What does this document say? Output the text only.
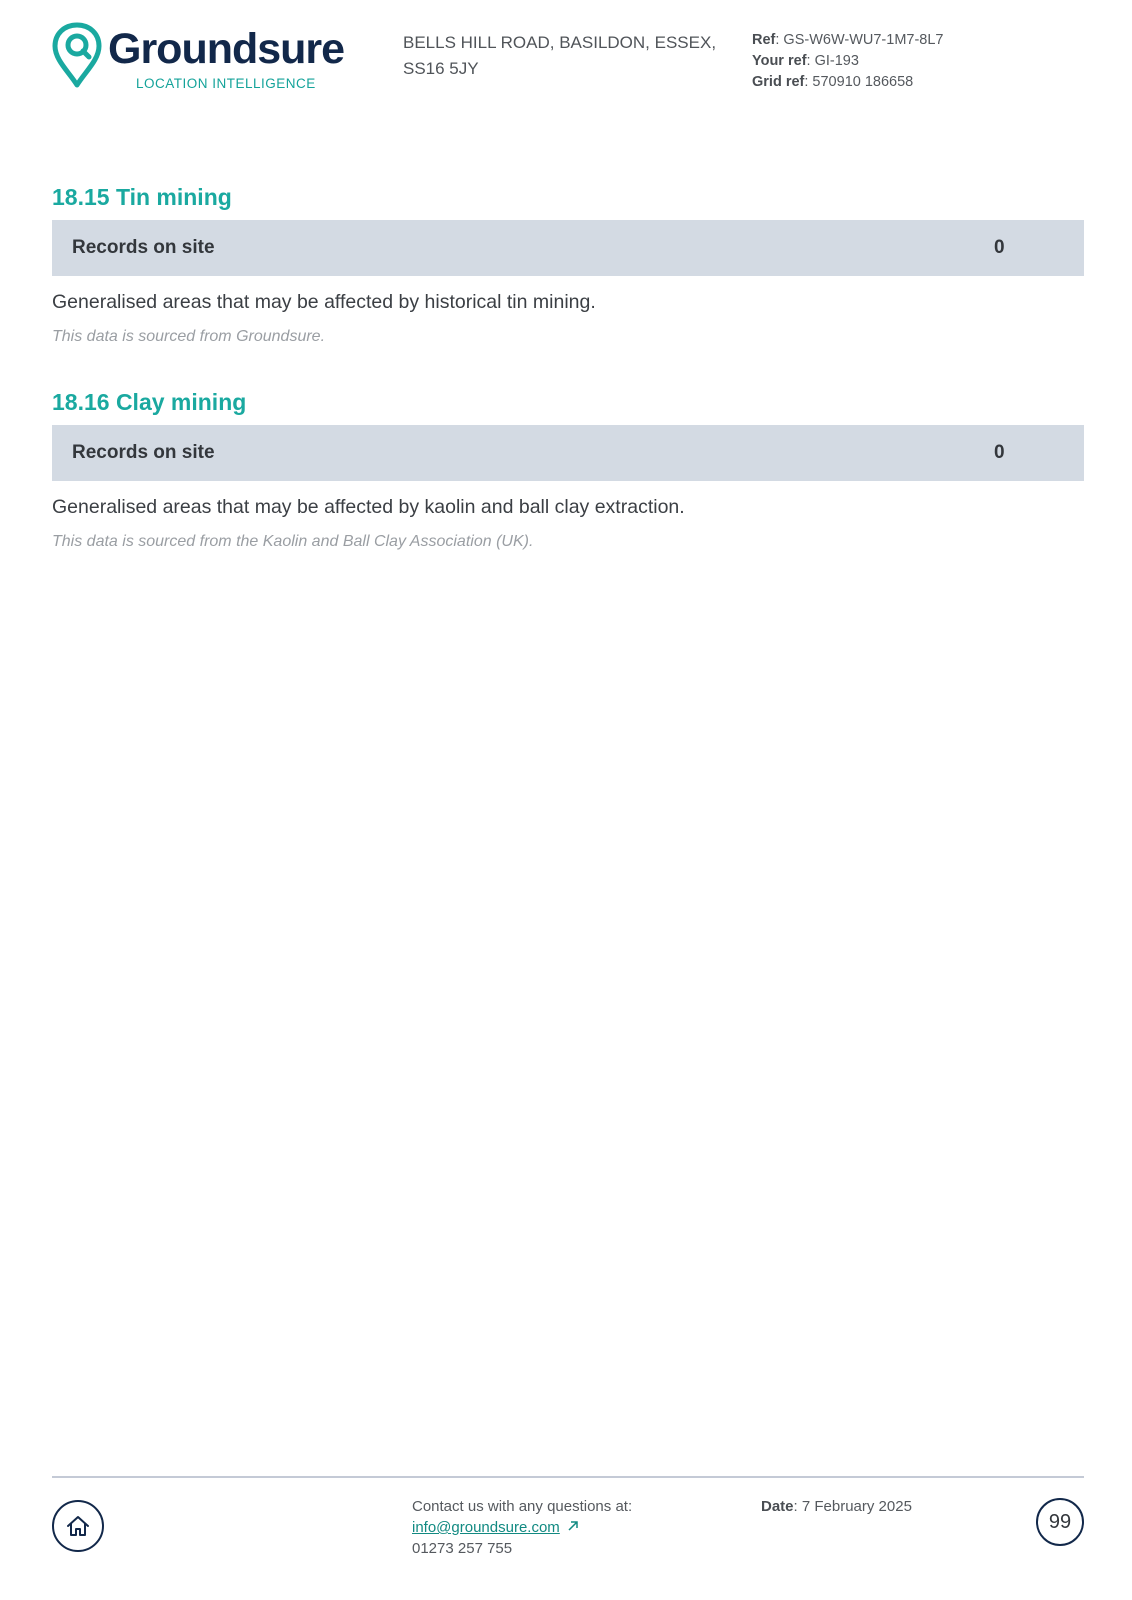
Groundsure
LOCATION INTELLIGENCE
BELLS HILL ROAD, BASILDON, ESSEX,
SS16 5JY
Ref: GS-W6W-WU7-1M7-8L7
Your ref: GI-193
Grid ref: 570910 186658
18.15 Tin mining
Records on site	0
Generalised areas that may be affected by historical tin mining.
This data is sourced from Groundsure.
18.16 Clay mining
Records on site	0
Generalised areas that may be affected by kaolin and ball clay extraction.
This data is sourced from the Kaolin and Ball Clay Association (UK).
Contact us with any questions at:
info@groundsure.com
01273 257 755
Date: 7 February 2025
99
